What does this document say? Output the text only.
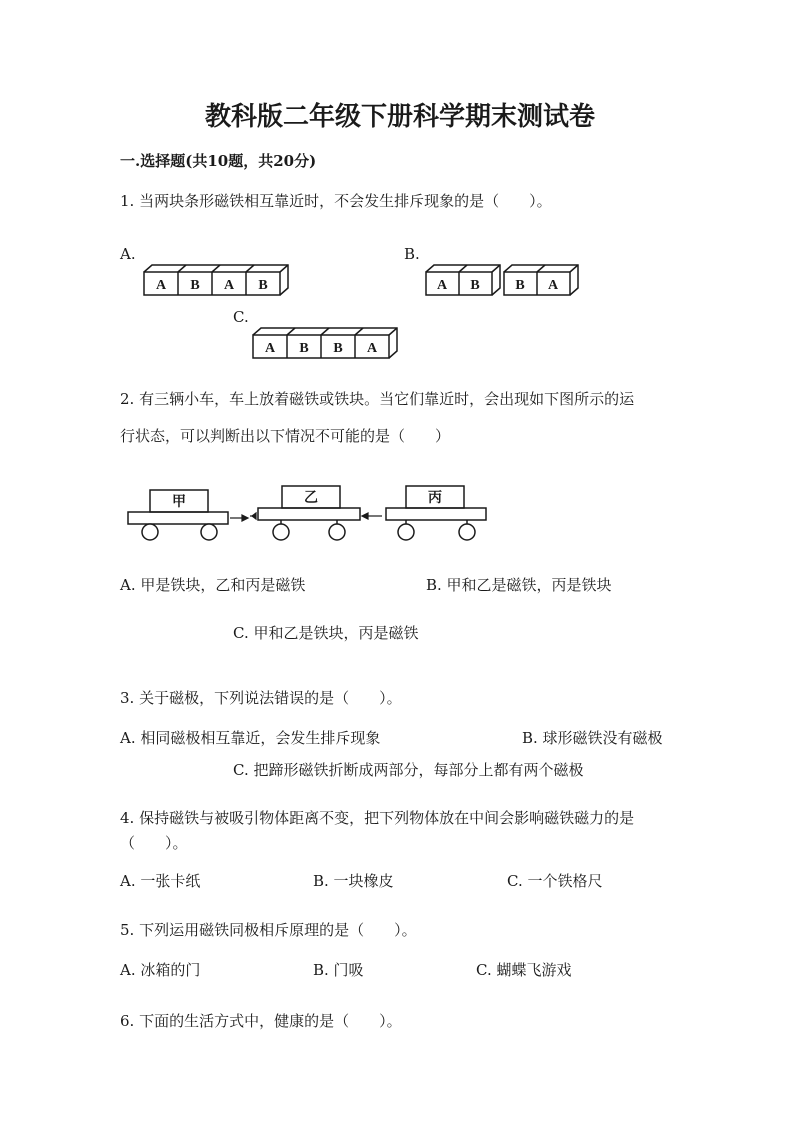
教科版二年级下册科学期末测试卷
一.选择题(共10题，共20分)
1. 当两块条形磁铁相互靠近时，不会发生排斥现象的是（　　）。
A.	B.
C.
A B A B	A B	B A
A B B A
2. 有三辆小车，车上放着磁铁或铁块。当它们靠近时，会出现如下图所示的运
行状态，可以判断出以下情况不可能的是（　　）
甲	乙	丙
A. 甲是铁块，乙和丙是磁铁	B. 甲和乙是磁铁，丙是铁块
C. 甲和乙是铁块，丙是磁铁
3. 关于磁极，下列说法错误的是（　　）。
A. 相同磁极相互靠近，会发生排斥现象	B. 球形磁铁没有磁极
C. 把蹄形磁铁折断成两部分，每部分上都有两个磁极
4. 保持磁铁与被吸引物体距离不变，把下列物体放在中间会影响磁铁磁力的是
（　　）。
A. 一张卡纸	B. 一块橡皮	C. 一个铁格尺
5. 下列运用磁铁同极相斥原理的是（　　）。
A. 冰箱的门	B. 门吸	C. 蝴蝶飞游戏
6. 下面的生活方式中，健康的是（　　）。
